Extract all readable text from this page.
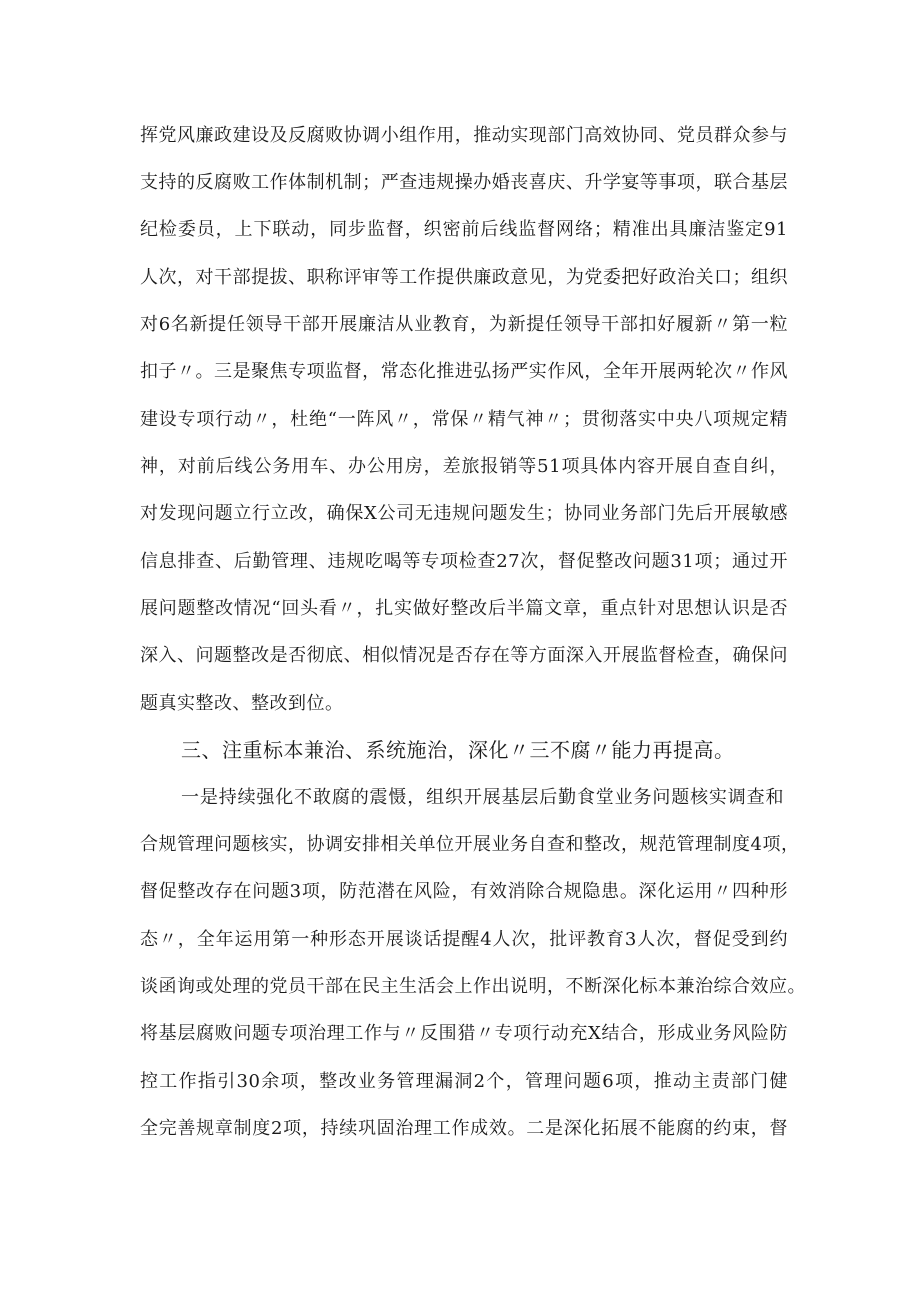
挥党风廉政建设及反腐败协调小组作用，推动实现部门高效协同、党员群众参与
支持的反腐败工作体制机制；严查违规操办婚丧喜庆、升学宴等事项，联合基层
纪检委员，上下联动，同步监督，织密前后线监督网络；精准出具廉洁鉴定91
人次，对干部提拔、职称评审等工作提供廉政意见，为党委把好政治关口；组织
对6名新提任领导干部开展廉洁从业教育，为新提任领导干部扣好履新〃第一粒
扣子〃。三是聚焦专项监督，常态化推进弘扬严实作风，全年开展两轮次〃作风
建设专项行动〃，杜绝“一阵风〃，常保〃精气神〃；贯彻落实中央八项规定精
神，对前后线公务用车、办公用房，差旅报销等51项具体内容开展自查自纠，
对发现问题立行立改，确保X公司无违规问题发生；协同业务部门先后开展敏感
信息排查、后勤管理、违规吃喝等专项检查27次，督促整改问题31项；通过开
展问题整改情况“回头看〃，扎实做好整改后半篇文章，重点针对思想认识是否
深入、问题整改是否彻底、相似情况是否存在等方面深入开展监督检查，确保问
题真实整改、整改到位。
三、注重标本兼治、系统施治，深化〃三不腐〃能力再提高。
一是持续强化不敢腐的震慑，组织开展基层后勤食堂业务问题核实调查和
合规管理问题核实，协调安排相关单位开展业务自查和整改，规范管理制度4项，
督促整改存在问题3项，防范潜在风险，有效消除合规隐患。深化运用〃四种形
态〃，全年运用第一种形态开展谈话提醒4人次，批评教育3人次，督促受到约
谈函询或处理的党员干部在民主生活会上作出说明，不断深化标本兼治综合效应。
将基层腐败问题专项治理工作与〃反围猎〃专项行动充X结合，形成业务风险防
控工作指引30余项，整改业务管理漏洞2个，管理问题6项，推动主责部门健
全完善规章制度2项，持续巩固治理工作成效。二是深化拓展不能腐的约束，督
